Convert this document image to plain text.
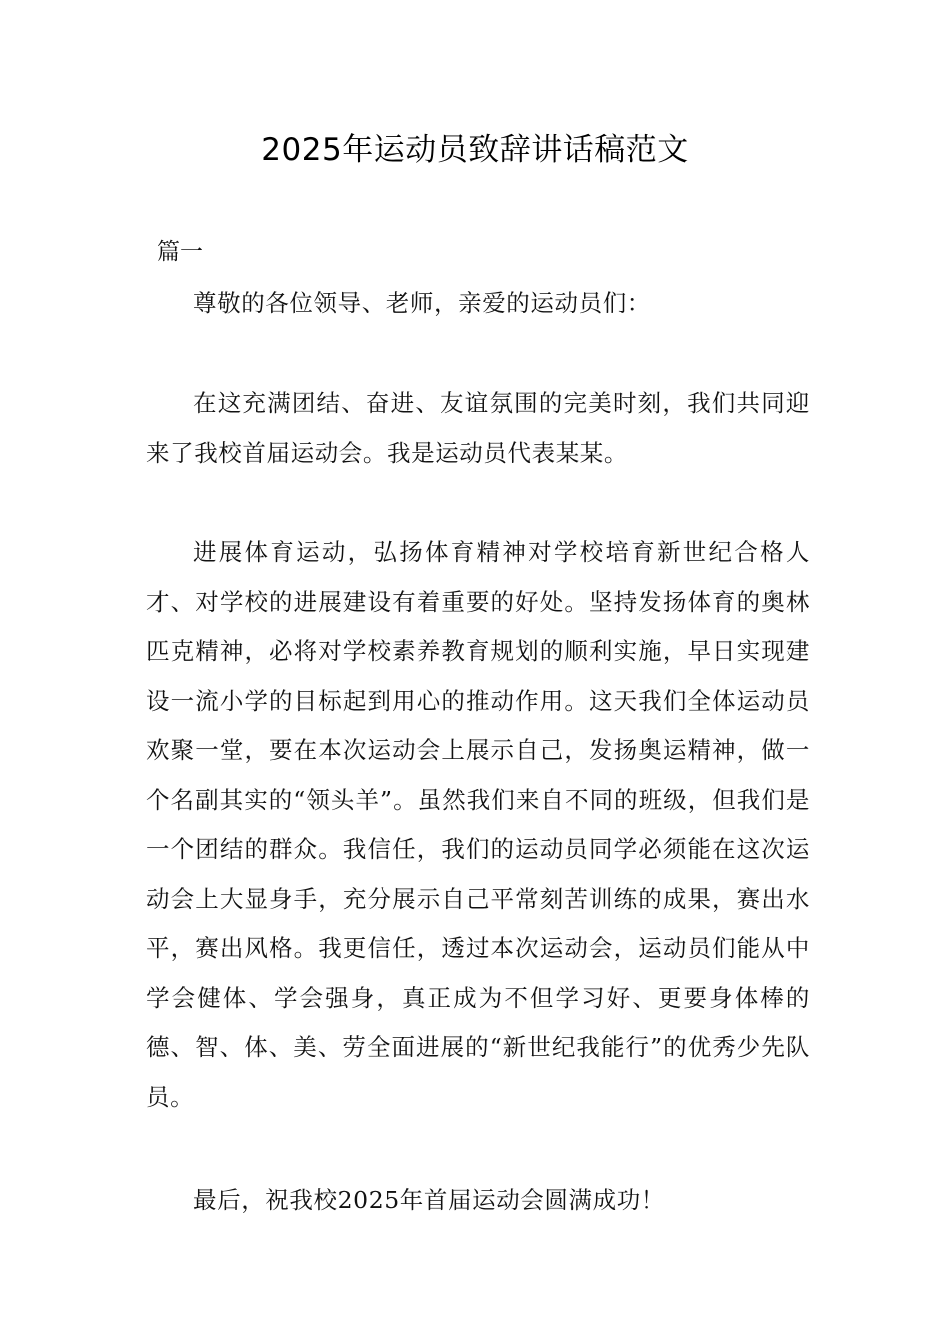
2025年运动员致辞讲话稿范文
篇一

尊敬的各位领导、老师，亲爱的运动员们：

在这充满团结、奋进、友谊氛围的完美时刻，我们共同迎来了我校首届运动会。我是运动员代表某某。

进展体育运动，弘扬体育精神对学校培育新世纪合格人才、对学校的进展建设有着重要的好处。坚持发扬体育的奥林匹克精神，必将对学校素养教育规划的顺利实施，早日实现建设一流小学的目标起到用心的推动作用。这天我们全体运动员欢聚一堂，要在本次运动会上展示自己，发扬奥运精神，做一个名副其实的“领头羊”。虽然我们来自不同的班级，但我们是一个团结的群众。我信任，我们的运动员同学必须能在这次运动会上大显身手，充分展示自己平常刻苦训练的成果，赛出水平，赛出风格。我更信任，透过本次运动会，运动员们能从中学会健体、学会强身，真正成为不但学习好、更要身体棒的德、智、体、美、劳全面进展的“新世纪我能行”的优秀少先队员。

最后，祝我校2025年首届运动会圆满成功！
